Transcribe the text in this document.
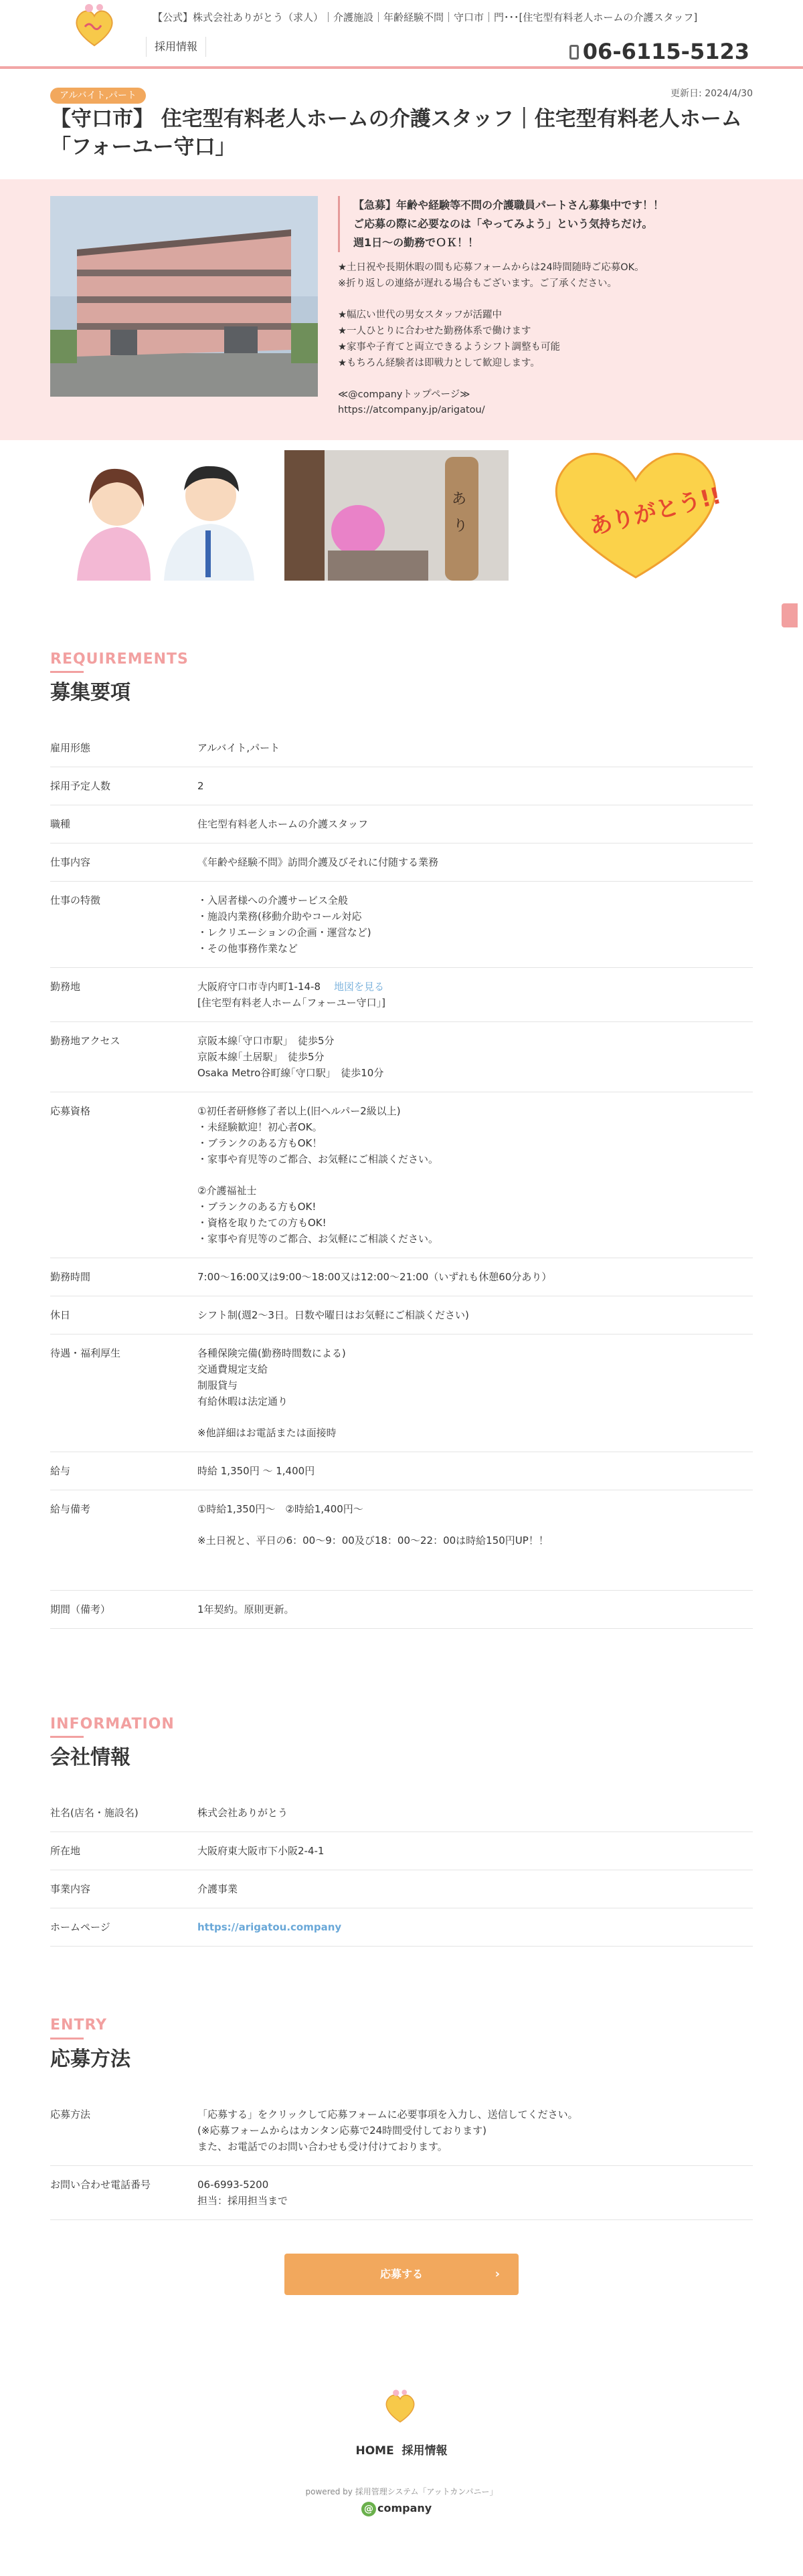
【公式】株式会社ありがとう（求人）｜介護施設｜年齢経験不問｜守口市｜門･･･[住宅型有料老人ホームの介護スタッフ]
採用情報	06-6115-5123
アルバイト,パート	更新日: 2024/4/30
【守口市】 住宅型有料老人ホームの介護スタッフ｜住宅型有料老人ホーム「フォーユー守口」
【急募】年齢や経験等不問の介護職員パートさん募集中です！！
ご応募の際に必要なのは「やってみよう」という気持ちだけ。
週1日〜の勤務でＯＫ！！
★土日祝や長期休暇の間も応募フォームからは24時間随時ご応募OK。
※折り返しの連絡が遅れる場合もございます。ご了承ください。
★幅広い世代の男女スタッフが活躍中
★一人ひとりに合わせた勤務体系で働けます
★家事や子育てと両立できるようシフト調整も可能
★もちろん経験者は即戦力として歓迎します。
≪@companyトップページ≫
https://atcompany.jp/arigatou/
あ
り	ありがとう!!
REQUIREMENTS
募集要項
雇用形態	アルバイト,パート
採用予定人数	2
職種	住宅型有料老人ホームの介護スタッフ
仕事内容	《年齢や経験不問》訪問介護及びそれに付随する業務
仕事の特徴	・入居者様への介護サービス全般
・施設内業務(移動介助やコール対応
・レクリエーションの企画・運営など)
・その他事務作業など
勤務地	大阪府守口市寺内町1-14-8 地図を見る
[住宅型有料老人ホーム｢フォーユー守口｣]
勤務地アクセス	京阪本線｢守口市駅｣　徒歩5分
京阪本線｢土居駅｣　徒歩5分
Osaka Metro谷町線｢守口駅｣　徒歩10分
応募資格	①初任者研修修了者以上(旧ヘルパー2級以上)
・未経験歓迎！初心者OK。
・ブランクのある方もOK！
・家事や育児等のご都合、お気軽にご相談ください。
②介護福祉士
・ブランクのある方もOK!
・資格を取りたての方もOK!
・家事や育児等のご都合、お気軽にご相談ください。
勤務時間	7:00〜16:00又は9:00〜18:00又は12:00〜21:00（いずれも休憩60分あり）
休日	シフト制(週2〜3日。日数や曜日はお気軽にご相談ください)
待遇・福利厚生	各種保険完備(勤務時間数による)
交通費規定支給
制服貸与
有給休暇は法定通り
※他詳細はお電話または面接時
給与	時給 1,350円 〜 1,400円
給与備考	①時給1,350円〜　②時給1,400円〜
※土日祝と、平日の6：00〜9：00及び18：00〜22：00は時給150円UP！！
期間（備考）	1年契約。原則更新。
INFORMATION
会社情報
社名(店名・施設名)	株式会社ありがとう
所在地	大阪府東大阪市下小阪2-4-1
事業内容	介護事業
ホームページ	https://arigatou.company
ENTRY
応募方法
応募方法	「応募する」をクリックして応募フォームに必要事項を入力し、送信してください。
(※応募フォームからはカンタン応募で24時間受付しております)
また、お電話でのお問い合わせも受け付けております。
お問い合わせ電話番号	06-6993-5200
担当：採用担当まで
応募する	›
HOME  採用情報
powered by 採用管理システム「アットカンパニー」
@ company
